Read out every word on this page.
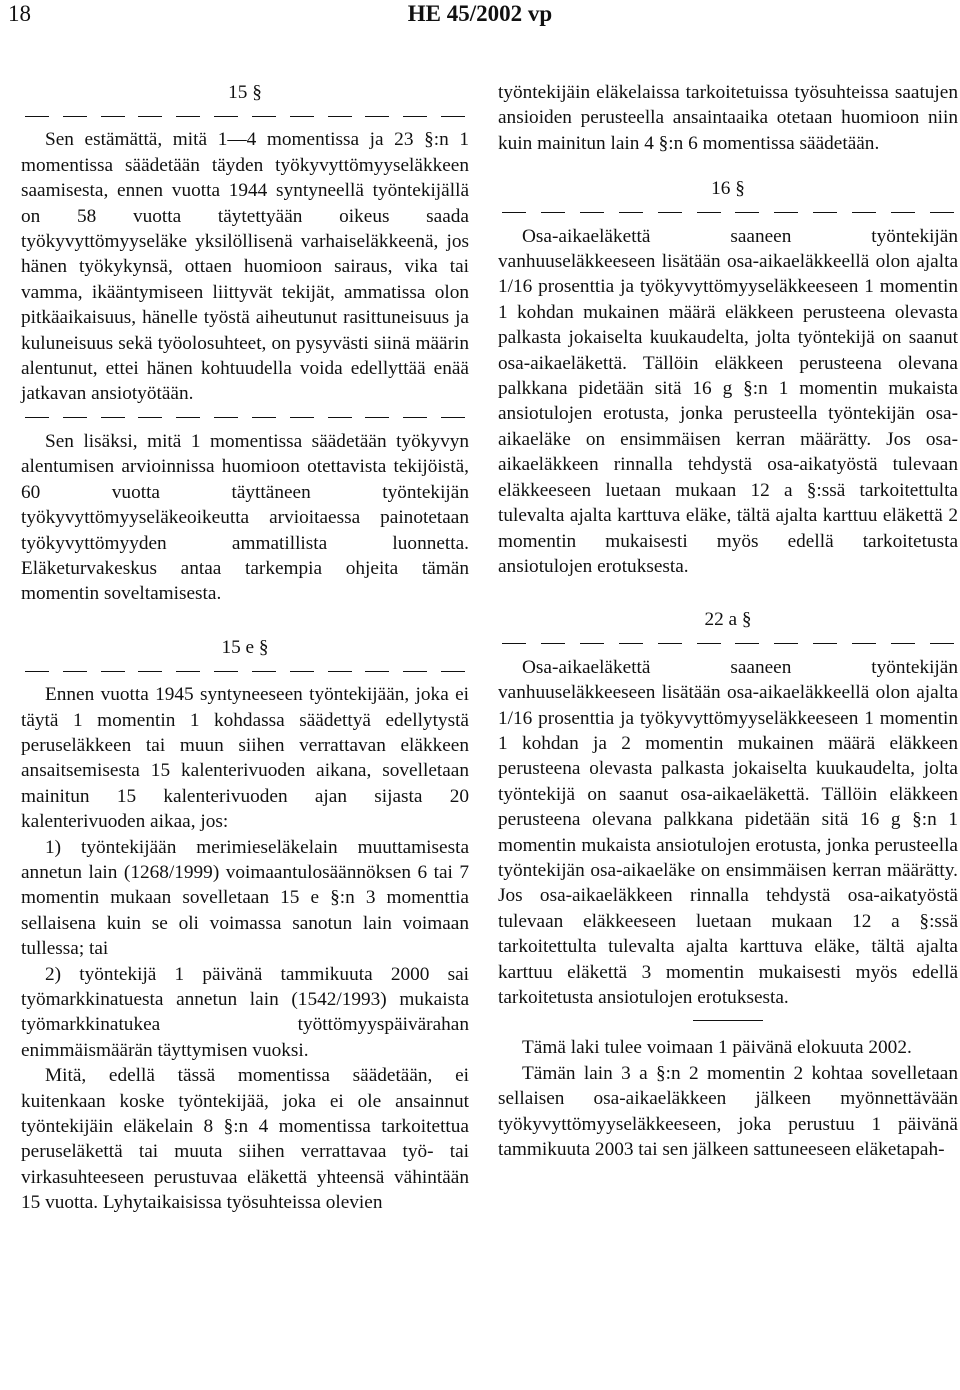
18	HE 45/2002 vp
15 §

Sen estämättä, mitä 1—4 momentissa ja 23 §:n 1 momentissa säädetään täyden työkyvyttömyyseläkkeen saamisesta, ennen vuotta 1944 syntyneellä työntekijällä on 58 vuotta täytettyään oikeus saada työkyvyttömyyseläke yksilöllisenä varhaiseläkkeenä, jos hänen työkykynsä, ottaen huomioon sairaus, vika tai vamma, ikääntymiseen liittyvät tekijät, ammatissa olon pitkäaikaisuus, hänelle työstä aiheutunut rasittuneisuus ja kuluneisuus sekä työolosuhteet, on pysyvästi siinä määrin alentunut, ettei hänen kohtuudella voida edellyttää enää jatkavan ansiotyötään.

Sen lisäksi, mitä 1 momentissa säädetään työkyvyn alentumisen arvioinnissa huomioon otettavista tekijöistä, 60 vuotta täyttäneen työntekijän työkyvyttömyyseläkeoikeutta arvioitaessa painotetaan työkyvyttömyyden ammatillista luonnetta. Eläketurvakeskus antaa tarkempia ohjeita tämän momentin soveltamisesta.

15 e §

Ennen vuotta 1945 syntyneeseen työntekijään, joka ei täytä 1 momentin 1 kohdassa säädettyä edellytystä peruseläkkeen tai muun siihen verrattavan eläkkeen ansaitsemisesta 15 kalenterivuoden aikana, sovelletaan mainitun 15 kalenterivuoden ajan sijasta 20 kalenterivuoden aikaa, jos:

1) työntekijään merimieseläkelain muuttamisesta annetun lain (1268/1999) voimaantulosäännöksen 6 tai 7 momentin mukaan sovelletaan 15 e §:n 3 momenttia sellaisena kuin se oli voimassa sanotun lain voimaan tullessa; tai

2) työntekijä 1 päivänä tammikuuta 2000 sai työmarkkinatuesta annetun lain (1542/1993) mukaista työmarkkinatukea työttömyyspäivärahan enimmäismäärän täyttymisen vuoksi.

Mitä, edellä tässä momentissa säädetään, ei kuitenkaan koske työntekijää, joka ei ole ansainnut työntekijäin eläkelain 8 §:n 4 momentissa tarkoitettua peruseläkettä tai muuta siihen verrattavaa työ- tai virkasuhteeseen perustuvaa eläkettä yhteensä vähintään 15 vuotta. Lyhytaikaisissa työsuhteissa olevien

työntekijäin eläkelaissa tarkoitetuissa työsuhteissa saatujen ansioiden perusteella ansaintaaika otetaan huomioon niin kuin mainitun lain 4 §:n 6 momentissa säädetään.

16 §

Osa-aikaeläkettä saaneen työntekijän vanhuuseläkkeeseen lisätään osa-aikaeläkkeellä olon ajalta 1/16 prosenttia ja työkyvyttömyyseläkkeeseen 1 momentin 1 kohdan mukainen määrä eläkkeen perusteena olevasta palkasta jokaiselta kuukaudelta, jolta työntekijä on saanut osa-aikaeläkettä. Tällöin eläkkeen perusteena olevana palkkana pidetään sitä 16 g §:n 1 momentin mukaista ansiotulojen erotusta, jonka perusteella työntekijän osa-aikaeläke on ensimmäisen kerran määrätty. Jos osa-aikaeläkkeen rinnalla tehdystä osa-aikatyöstä tulevaan eläkkeeseen luetaan mukaan 12 a §:ssä tarkoitettulta tulevalta ajalta karttuva eläke, tältä ajalta karttuu eläkettä 2 momentin mukaisesti myös edellä tarkoitetusta ansiotulojen erotuksesta.

22 a §

Osa-aikaeläkettä saaneen työntekijän vanhuuseläkkeeseen lisätään osa-aikaeläkkeellä olon ajalta 1/16 prosenttia ja työkyvyttömyyseläkkeeseen 1 momentin 1 kohdan ja 2 momentin mukainen määrä eläkkeen perusteena olevasta palkasta jokaiselta kuukaudelta, jolta työntekijä on saanut osa-aikaeläkettä. Tällöin eläkkeen perusteena olevana palkkana pidetään sitä 16 g §:n 1 momentin mukaista ansiotulojen erotusta, jonka perusteella työntekijän osa-aikaeläke on ensimmäisen kerran määrätty. Jos osa-aikaeläkkeen rinnalla tehdystä osa-aikatyöstä tulevaan eläkkeeseen luetaan mukaan 12 a §:ssä tarkoitettulta tulevalta ajalta karttuva eläke, tältä ajalta karttuu eläkettä 3 momentin mukaisesti myös edellä tarkoitetusta ansiotulojen erotuksesta.

Tämä laki tulee voimaan 1 päivänä elokuuta 2002.

Tämän lain 3 a §:n 2 momentin 2 kohtaa sovelletaan sellaisen osa-aikaeläkkeen jälkeen myönnettävään työkyvyttömyyseläkkeeseen, joka perustuu 1 päivänä tammikuuta 2003 tai sen jälkeen sattuneeseen eläketapah-
